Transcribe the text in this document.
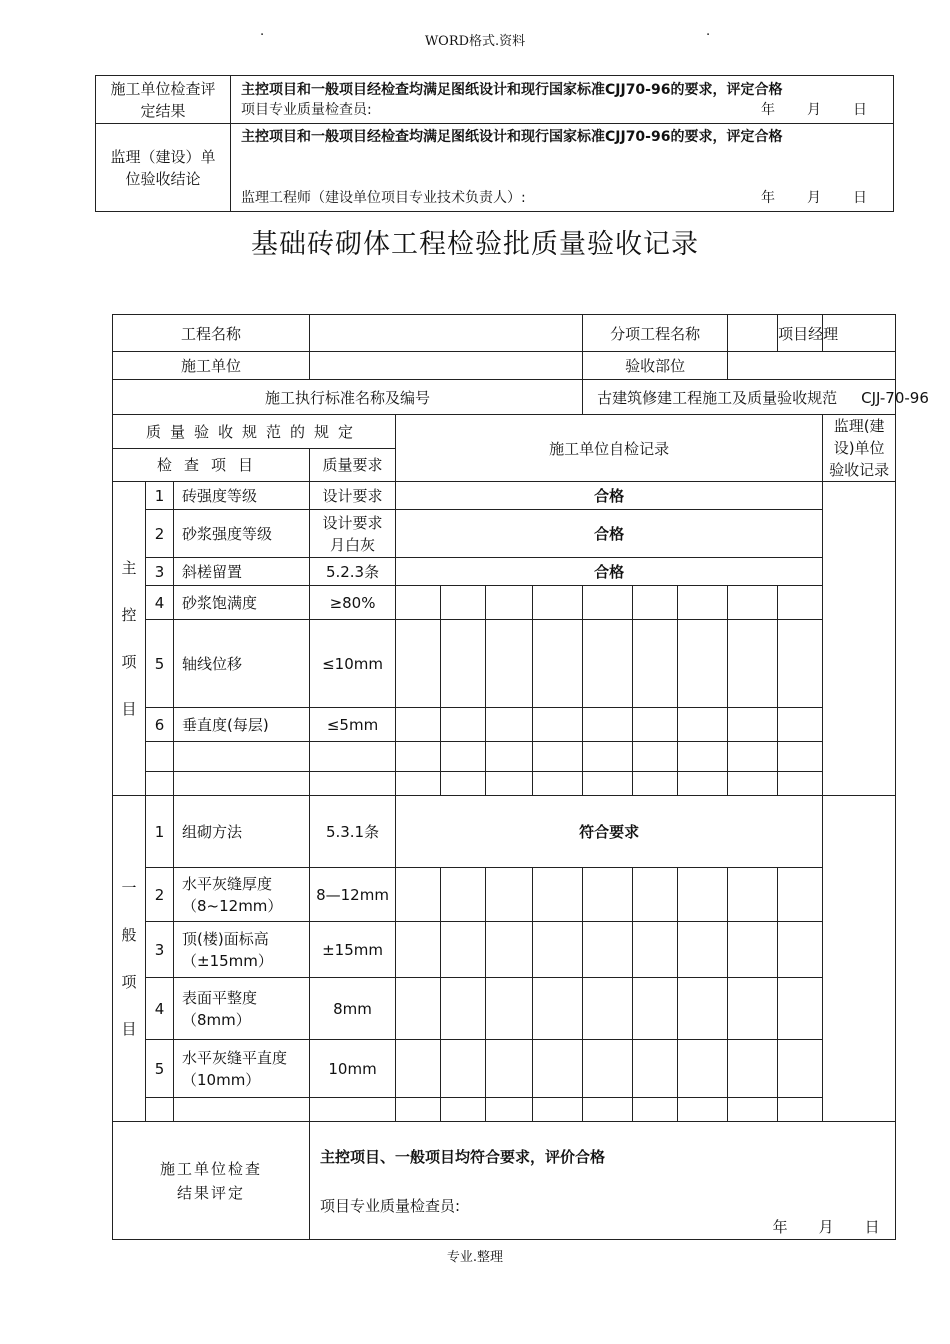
.
WORD格式.资料
.
施工单位检查评定结果	主控项目和一般项目经检查均满足图纸设计和现行国家标准CJJ70-96的要求，评定合格
项目专业质量检查员: 年 月 日

监理（建设）单位验收结论	主控项目和一般项目经检查均满足图纸设计和现行国家标准CJJ70-96的要求，评定合格
监理工程师（建设单位项目专业技术负责人）: 年 月 日
基础砖砌体工程检验批质量验收记录
工程名称								分项工程名称				项目经理	
施工单位								验收部位					
施工执行标准名称及编号								古建筑修建工程施工及质量验收规范 CJJ-70-96					
质量验收规范的规定				施工单位自检记录									监理(建设)单位验收记录
检查项目			质量要求										

主
控
项
目	1	砖强度等级	设计要求	合格									
	2	砂浆强度等级	设计要求月白灰	合格									
	3	斜槎留置	5.2.3条	合格									
	4	砂浆饱满度	≥80%										
	5	轴线位移	≤10mm										
	6	垂直度(每层)	≤5mm										

一
般
项
目	1	组砌方法	5.3.1条	符合要求									
	2	水平灰缝厚度（8~12mm）	8—12mm										
	3	顶(楼)面标高（±15mm）	±15mm										
	4	表面平整度（8mm）	8mm										
	5	水平灰缝平直度（10mm）	10mm										

施工单位检查结果评定			主控项目、一般项目均符合要求，评价合格
项目专业质量检查员:
年 月 日										
专业.整理
